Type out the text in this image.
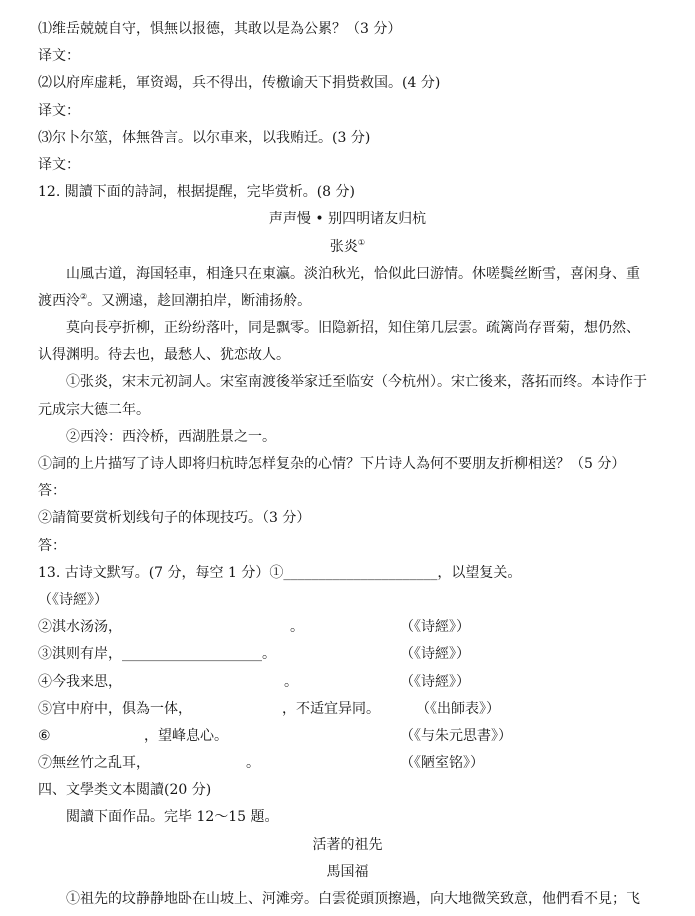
⑴维岳兢兢自守，惧無以报德，其敢以是為公累？（3 分）
译文：
⑵以府库虚耗，軍资竭，兵不得出，传檄谕天下捐赀救国。(4 分)
译文：
⑶尔卜尔筮，体無咎言。以尔車来，以我贿迁。(3 分)
译文：
12. 閲讀下面的詩詞，根据提醒，完毕赏析。(8 分)
声声慢 • 别四明诸友归杭
张炎①
山風古道，海国轻車，相逢只在東瀛。淡泊秋光，恰似此曰游情。休嗟鬓丝断雪，喜闲身、重
渡西泠②。又溯遠，趁回潮拍岸，断浦扬舲。
莫向長亭折柳，正纷纷落叶，同是飘零。旧隐新招，知住第几层雲。疏篱尚存晋菊，想仍然、
认得渊明。待去也，最愁人、犹恋故人。
①张炎，宋末元初詞人。宋室南渡後举家迁至临安（今杭州）。宋亡後来，落拓而终。本诗作于
元成宗大德二年。
②西泠：西泠桥，西湖胜景之一。
①詞的上片描写了诗人即将归杭時怎样复杂的心情？下片诗人為何不要朋友折柳相送？（5 分）
答：
②請简要赏析划线句子的体现技巧。（3 分）
答：
13. 古诗文默写。(7 分，每空 1 分）①______________________，以望复关。
（《诗經》）
②淇水汤汤，	。	（《诗經》）
③淇则有岸，____________________。	（《诗經》）
④今我来思，	。	（《诗經》）
⑤宫中府中，俱為一体，	，不适宜异同。	（《出師表》）
⑥	，望峰息心。	（《与朱元思書》）
⑦無丝竹之乱耳，	。	（《陋室铭》）
四、文學类文本閲讀(20 分)
閲讀下面作品。完毕 12～15 題。
活著的祖先
馬国福
①祖先的坟静静地卧在山坡上、河滩旁。白雲從頭顶擦過，向大地微笑致意，他們看不見；飞
